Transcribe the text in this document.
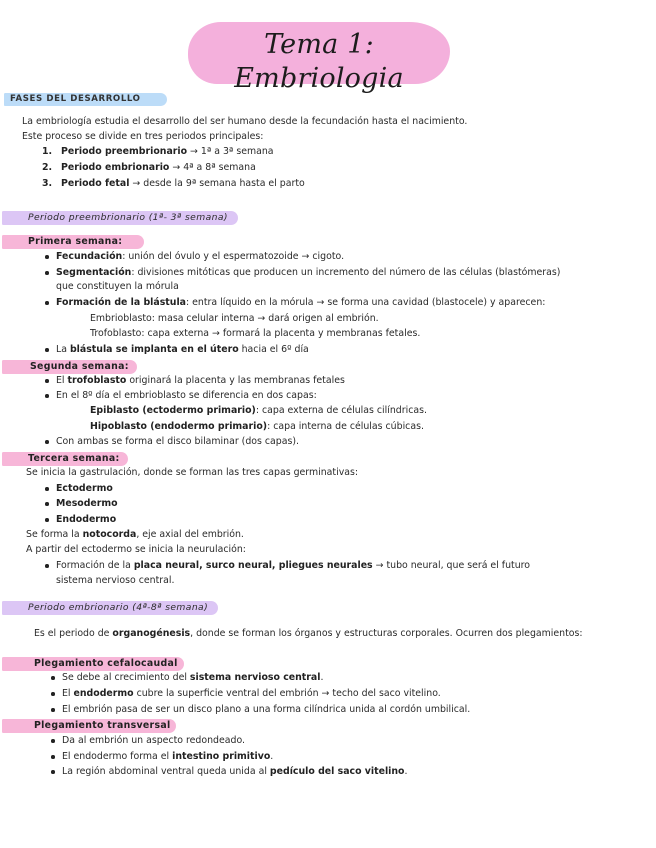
Tema 1: Embriologia
FASES DEL DESARROLLO
La embriología estudia el desarrollo del ser humano desde la fecundación hasta el nacimiento.
Este proceso se divide en tres periodos principales:
1. Periodo preembrionario → 1ª a 3ª semana
2. Periodo embrionario → 4ª a 8ª semana
3. Periodo fetal → desde la 9ª semana hasta el parto
Periodo preembrionario (1ª- 3ª semana)
Primera semana:
Fecundación: unión del óvulo y el espermatozoide → cigoto.
Segmentación: divisiones mitóticas que producen un incremento del número de las células (blastómeras)
que constituyen la mórula
Formación de la blástula: entra líquido en la mórula → se forma una cavidad (blastocele) y aparecen:
Embrioblasto: masa celular interna → dará origen al embrión.
Trofoblasto: capa externa → formará la placenta y membranas fetales.
La blástula se implanta en el útero hacia el 6º día
Segunda semana:
El trofoblasto originará la placenta y las membranas fetales
En el 8º día el embrioblasto se diferencia en dos capas:
Epiblasto (ectodermo primario): capa externa de células cilíndricas.
Hipoblasto (endodermo primario): capa interna de células cúbicas.
Con ambas se forma el disco bilaminar (dos capas).
Tercera semana:
Se inicia la gastrulación, donde se forman las tres capas germinativas:
Ectodermo
Mesodermo
Endodermo
Se forma la notocorda, eje axial del embrión.
A partir del ectodermo se inicia la neurulación:
Formación de la placa neural, surco neural, pliegues neurales → tubo neural, que será el futuro
sistema nervioso central.
Periodo embrionario (4ª-8ª semana)
Es el periodo de organogénesis, donde se forman los órganos y estructuras corporales. Ocurren dos plegamientos:
Plegamiento cefalocaudal
Se debe al crecimiento del sistema nervioso central.
El endodermo cubre la superficie ventral del embrión → techo del saco vitelino.
El embrión pasa de ser un disco plano a una forma cilíndrica unida al cordón umbilical.
Plegamiento transversal
Da al embrión un aspecto redondeado.
El endodermo forma el intestino primitivo.
La región abdominal ventral queda unida al pedículo del saco vitelino.
